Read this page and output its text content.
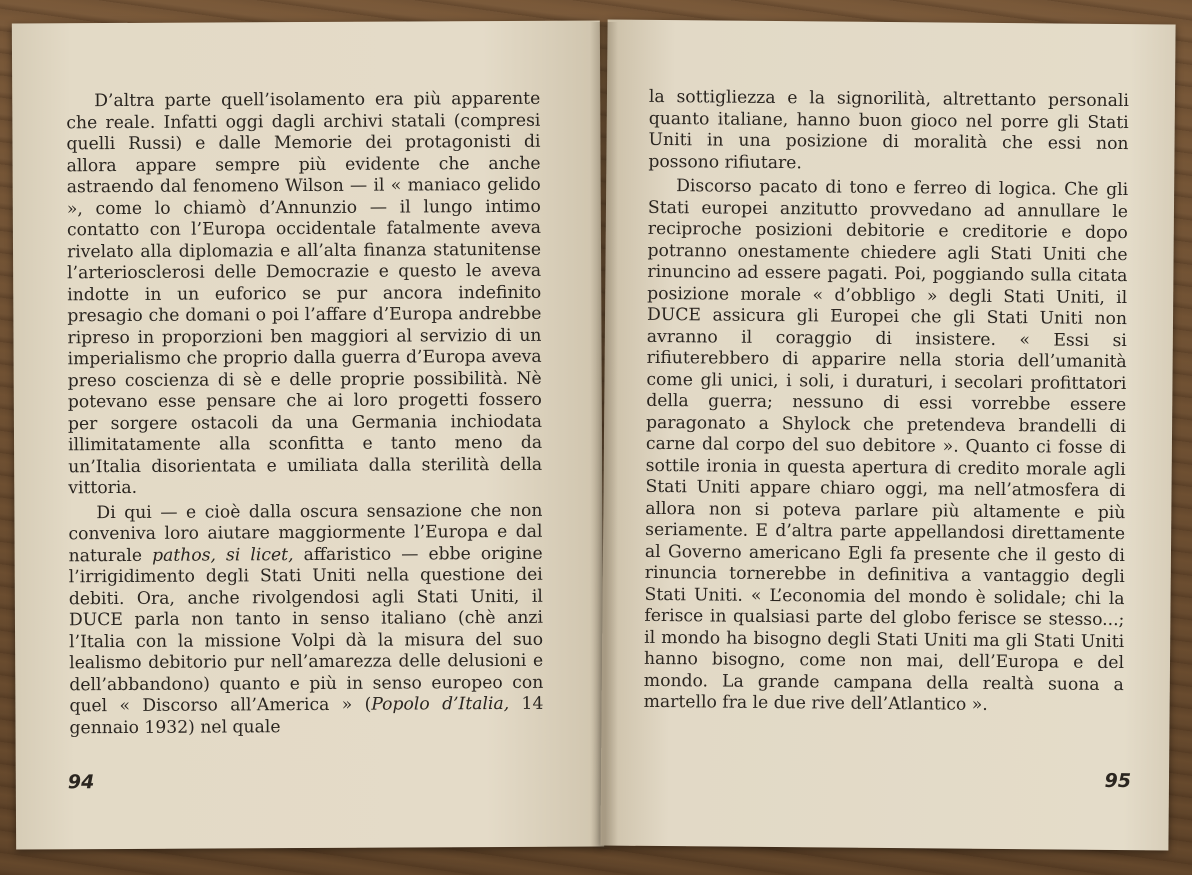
D’altra parte quell’isolamento era più apparente che reale. Infatti oggi dagli archivi statali (compresi quelli Russi) e dalle Memorie dei protagonisti di allora appare sempre più evidente che anche astraendo dal fenomeno Wilson — il « maniaco gelido », come lo chiamò d’Annunzio — il lungo intimo contatto con l’Europa occidentale fatalmente aveva rivelato alla diplomazia e all’alta finanza statunitense l’arteriosclerosi delle Democrazie e questo le aveva indotte in un euforico se pur ancora indefinito presagio che domani o poi l’affare d’Europa andrebbe ripreso in proporzioni ben maggiori al servizio di un imperialismo che proprio dalla guerra d’Europa aveva preso coscienza di sè e delle proprie possibilità. Nè potevano esse pensare che ai loro progetti fossero per sorgere ostacoli da una Germania inchiodata illimitatamente alla sconfitta e tanto meno da un’Italia disorientata e umiliata dalla sterilità della vittoria.

Di qui — e cioè dalla oscura sensazione che non conveniva loro aiutare maggiormente l’Europa e dal naturale pathos, si licet, affaristico — ebbe origine l’irrigidimento degli Stati Uniti nella questione dei debiti. Ora, anche rivolgendosi agli Stati Uniti, il DUCE parla non tanto in senso italiano (chè anzi l’Italia con la missione Volpi dà la misura del suo lealismo debitorio pur nell’amarezza delle delusioni e dell’abbandono) quanto e più in senso europeo con quel « Discorso all’America » (Popolo d’Italia, 14 gennaio 1932) nel quale

94

la sottigliezza e la signorilità, altrettanto personali quanto italiane, hanno buon gioco nel porre gli Stati Uniti in una posizione di moralità che essi non possono rifiutare.

Discorso pacato di tono e ferreo di logica. Che gli Stati europei anzitutto provvedano ad annullare le reciproche posizioni debitorie e creditorie e dopo potranno onestamente chiedere agli Stati Uniti che rinuncino ad essere pagati. Poi, poggiando sulla citata posizione morale « d’obbligo » degli Stati Uniti, il DUCE assicura gli Europei che gli Stati Uniti non avranno il coraggio di insistere. « Essi si rifiuterebbero di apparire nella storia dell’umanità come gli unici, i soli, i duraturi, i secolari profittatori della guerra; nessuno di essi vorrebbe essere paragonato a Shylock che pretendeva brandelli di carne dal corpo del suo debitore ». Quanto ci fosse di sottile ironia in questa apertura di credito morale agli Stati Uniti appare chiaro oggi, ma nell’atmosfera di allora non si poteva parlare più altamente e più seriamente. E d’altra parte appellandosi direttamente al Governo americano Egli fa presente che il gesto di rinuncia tornerebbe in definitiva a vantaggio degli Stati Uniti. « L’economia del mondo è solidale; chi la ferisce in qualsiasi parte del globo ferisce se stesso...; il mondo ha bisogno degli Stati Uniti ma gli Stati Uniti hanno bisogno, come non mai, dell’Europa e del mondo. La grande campana della realtà suona a martello fra le due rive dell’Atlantico ».

95
